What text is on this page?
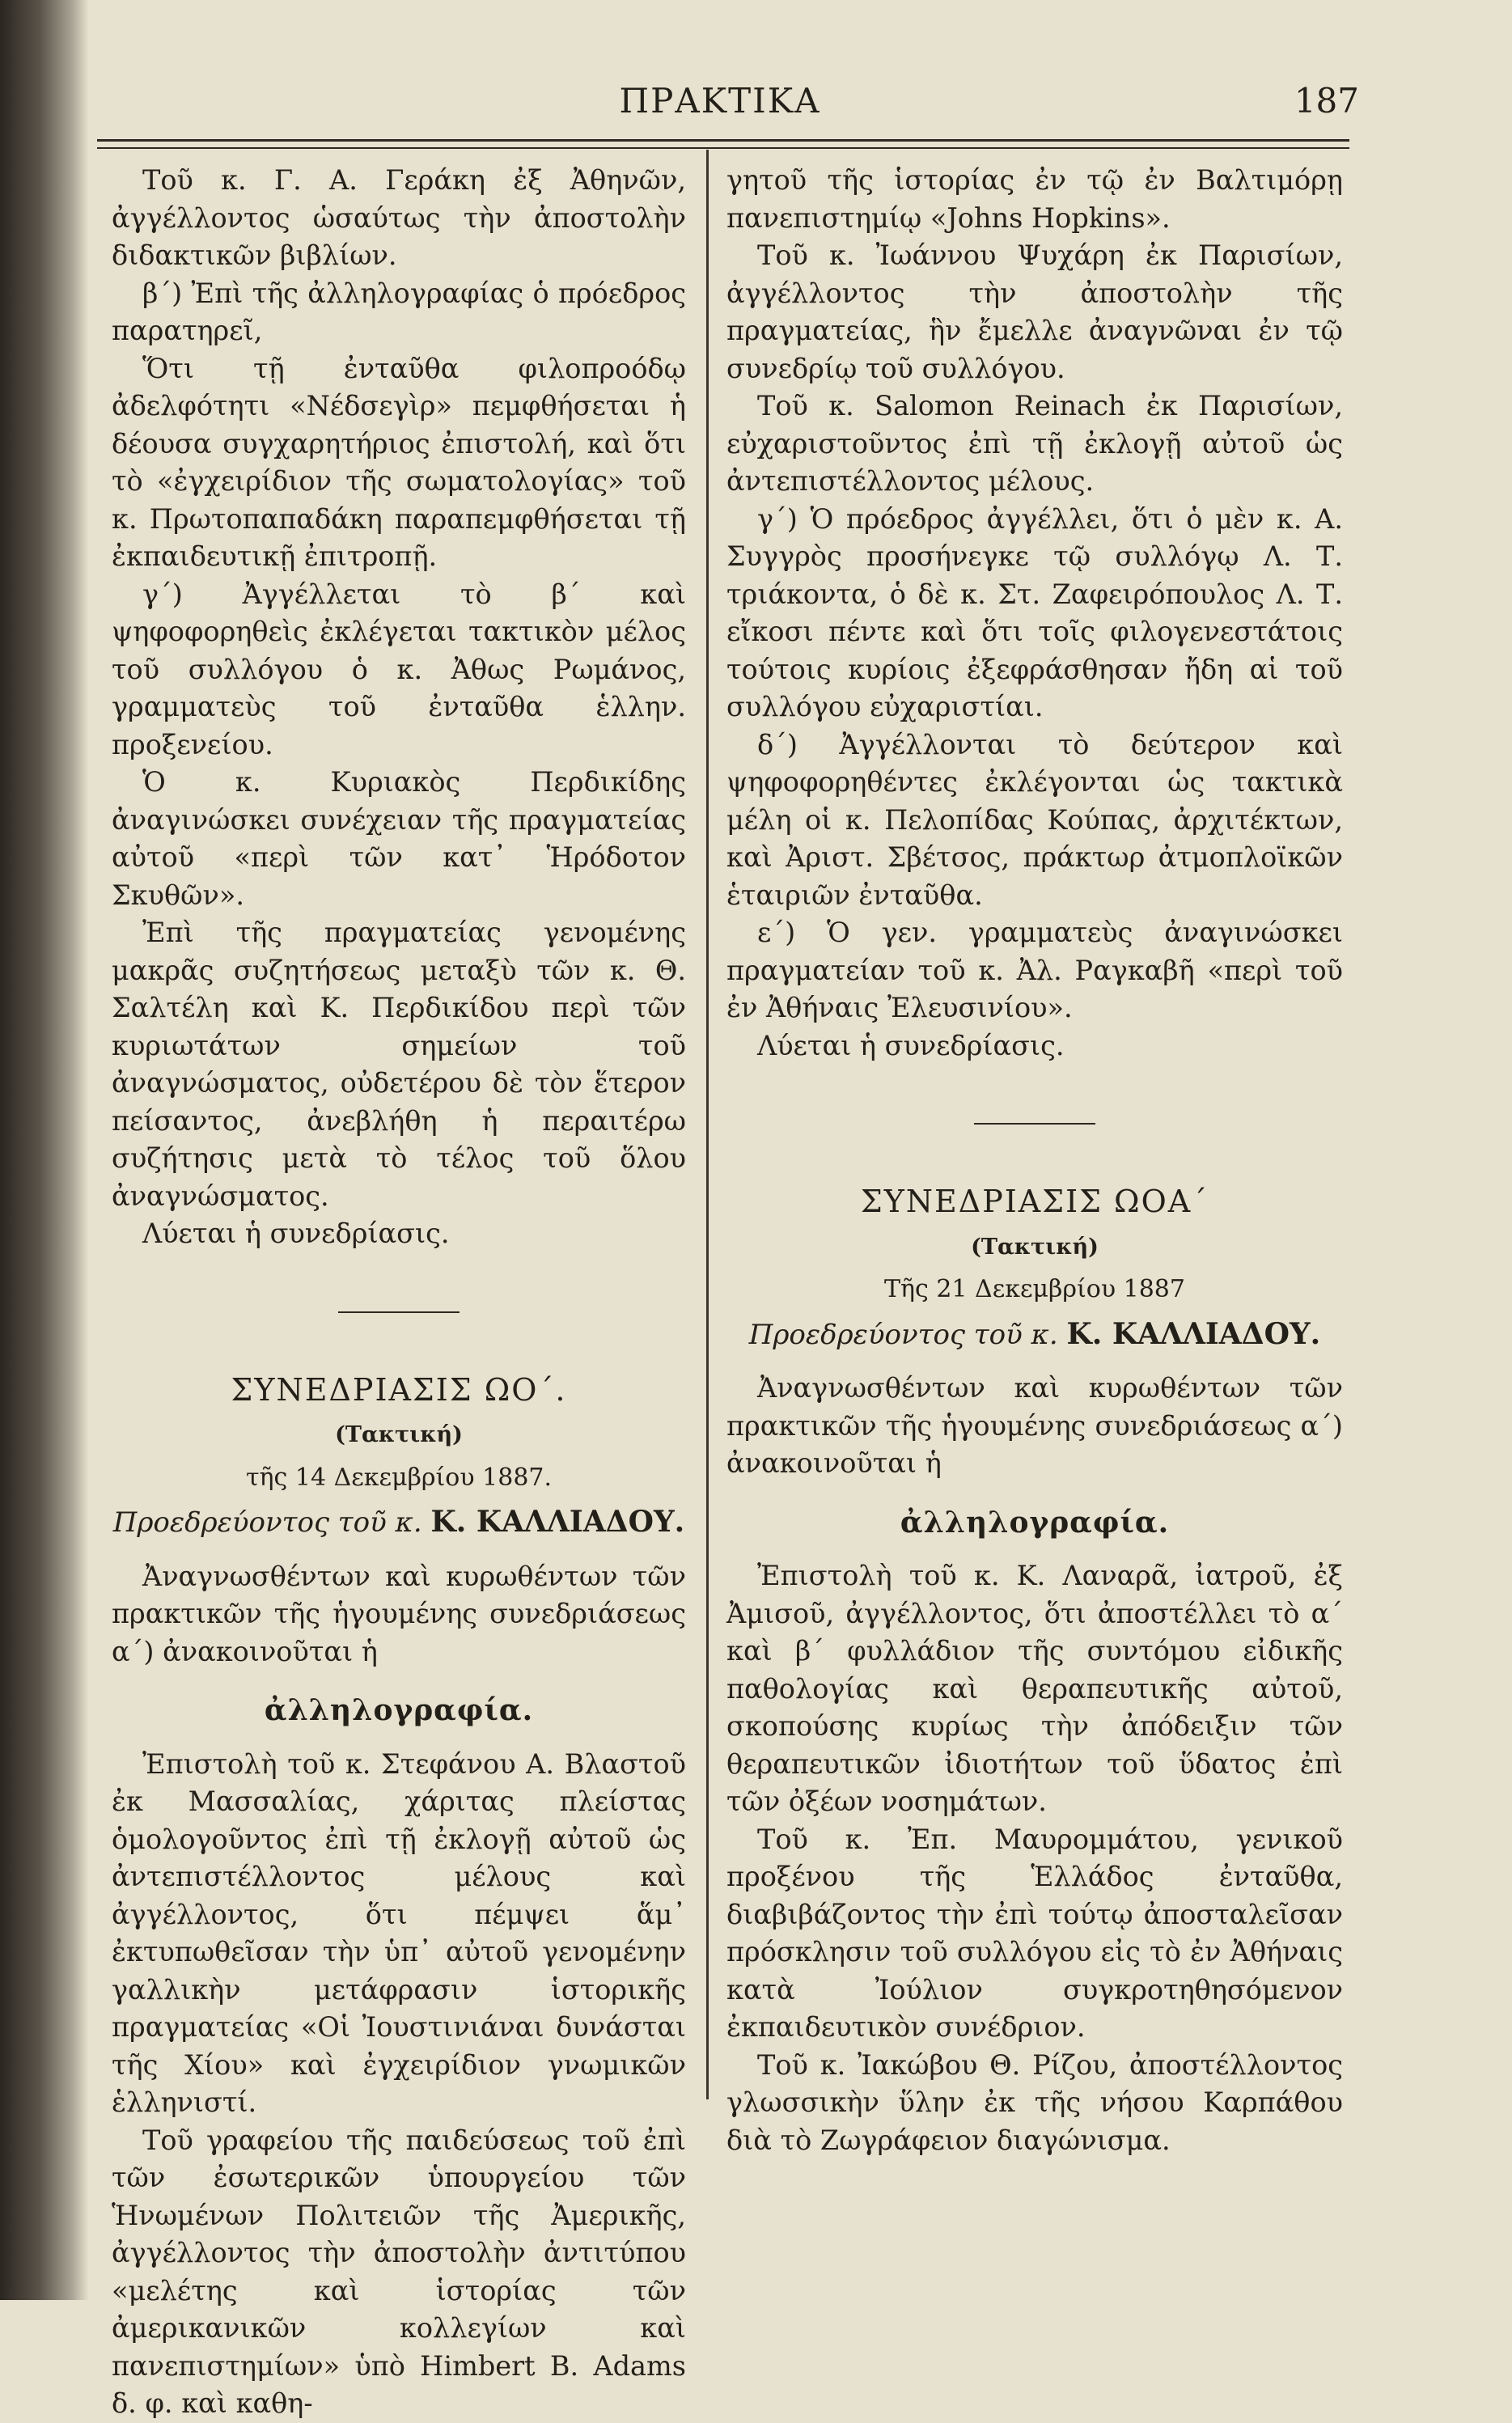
ΠΡΑΚΤΙΚΑ	187

Τοῦ κ. Γ. Α. Γεράκη ἐξ Ἀθηνῶν, ἀγγέλλοντος ὡσαύτως τὴν ἀποστολὴν διδακτικῶν βιβλίων.

β΄) Ἐπὶ τῆς ἀλληλογραφίας ὁ πρόεδρος παρατηρεῖ,

Ὅτι τῇ ἐνταῦθα φιλοπροόδῳ ἀδελφότητι «Νέδσεγὶρ» πεμφθήσεται ἡ δέουσα συγχαρητήριος ἐπιστολή, καὶ ὅτι τὸ «ἐγχειρίδιον τῆς σωματολογίας» τοῦ κ. Πρωτοπαπαδάκη παραπεμφθήσεται τῇ ἐκπαιδευτικῇ ἐπιτροπῇ.

γ΄) Ἀγγέλλεται τὸ β΄ καὶ ψηφοφορηθεὶς ἐκλέγεται τακτικὸν μέλος τοῦ συλλόγου ὁ κ. Ἀθως Ρωμάνος, γραμματεὺς τοῦ ἐνταῦθα ἑλλην. προξενείου.

Ὁ κ. Κυριακὸς Περδικίδης ἀναγινώσκει συνέχειαν τῆς πραγματείας αὐτοῦ «περὶ τῶν κατ᾽ Ἡρόδοτον Σκυθῶν».

Ἐπὶ τῆς πραγματείας γενομένης μακρᾶς συζητήσεως μεταξὺ τῶν κ. Θ. Σαλτέλη καὶ Κ. Περδικίδου περὶ τῶν κυριωτάτων σημείων τοῦ ἀναγνώσματος, οὐδετέρου δὲ τὸν ἕτερον πείσαντος, ἀνεβλήθη ἡ περαιτέρω συζήτησις μετὰ τὸ τέλος τοῦ ὅλου ἀναγνώσματος.

Λύεται ἡ συνεδρίασις.

ΣΥΝΕΔΡΙΑΣΙΣ ΩΟ΄.

(Τακτική)

τῆς 14 Δεκεμβρίου 1887.

Προεδρεύοντος τοῦ κ. Κ. ΚΑΛΛΙΑΔΟΥ.

Ἀναγνωσθέντων καὶ κυρωθέντων τῶν πρακτικῶν τῆς ἡγουμένης συνεδριάσεως α΄) ἀνακοινοῦται ἡ

ἀλληλογραφία.

Ἐπιστολὴ τοῦ κ. Στεφάνου Α. Βλαστοῦ ἐκ Μασσαλίας, χάριτας πλείστας ὁμολογοῦντος ἐπὶ τῇ ἐκλογῇ αὐτοῦ ὡς ἀντεπιστέλλοντος μέλους καὶ ἀγγέλλοντος, ὅτι πέμψει ἅμ᾽ ἐκτυπωθεῖσαν τὴν ὑπ᾽ αὐτοῦ γενομένην γαλλικὴν μετάφρασιν ἱστορικῆς πραγματείας «Οἱ Ἰουστινιάναι δυνάσται τῆς Χίου» καὶ ἐγχειρίδιον γνωμικῶν ἑλληνιστί.

Τοῦ γραφείου τῆς παιδεύσεως τοῦ ἐπὶ τῶν ἐσωτερικῶν ὑπουργείου τῶν Ἡνωμένων Πολιτειῶν τῆς Ἀμερικῆς, ἀγγέλλοντος τὴν ἀποστολὴν ἀντιτύπου «μελέτης καὶ ἱστορίας τῶν ἀμερικανικῶν κολλεγίων καὶ πανεπιστημίων» ὑπὸ Himbert B. Adams δ. φ. καὶ καθη-

γητοῦ τῆς ἱστορίας ἐν τῷ ἐν Βαλτιμόρῃ πανεπιστημίῳ «Johns Hopkins».

Τοῦ κ. Ἰωάννου Ψυχάρη ἐκ Παρισίων, ἀγγέλλοντος τὴν ἀποστολὴν τῆς πραγματείας, ἣν ἔμελλε ἀναγνῶναι ἐν τῷ συνεδρίῳ τοῦ συλλόγου.

Τοῦ κ. Salomon Reinach ἐκ Παρισίων, εὐχαριστοῦντος ἐπὶ τῇ ἐκλογῇ αὐτοῦ ὡς ἀντεπιστέλλοντος μέλους.

γ΄) Ὁ πρόεδρος ἀγγέλλει, ὅτι ὁ μὲν κ. Α. Συγγρὸς προσήνεγκε τῷ συλλόγῳ Λ. Τ. τριάκοντα, ὁ δὲ κ. Στ. Ζαφειρόπουλος Λ. Τ. εἴκοσι πέντε καὶ ὅτι τοῖς φιλογενεστάτοις τούτοις κυρίοις ἐξεφράσθησαν ἤδη αἱ τοῦ συλλόγου εὐχαριστίαι.

δ΄) Ἀγγέλλονται τὸ δεύτερον καὶ ψηφοφορηθέντες ἐκλέγονται ὡς τακτικὰ μέλη οἱ κ. Πελοπίδας Κούπας, ἀρχιτέκτων, καὶ Ἀριστ. Σβέτσος, πράκτωρ ἀτμοπλοϊκῶν ἑταιριῶν ἐνταῦθα.

ε΄) Ὁ γεν. γραμματεὺς ἀναγινώσκει πραγματείαν τοῦ κ. Ἀλ. Ραγκαβῆ «περὶ τοῦ ἐν Ἀθήναις Ἐλευσινίου».

Λύεται ἡ συνεδρίασις.

ΣΥΝΕΔΡΙΑΣΙΣ ΩΟΑ΄

(Τακτική)

Τῆς 21 Δεκεμβρίου 1887

Προεδρεύοντος τοῦ κ. Κ. ΚΑΛΛΙΑΔΟΥ.

Ἀναγνωσθέντων καὶ κυρωθέντων τῶν πρακτικῶν τῆς ἡγουμένης συνεδριάσεως α΄) ἀνακοινοῦται ἡ

ἀλληλογραφία.

Ἐπιστολὴ τοῦ κ. Κ. Λαναρᾶ, ἰατροῦ, ἐξ Ἀμισοῦ, ἀγγέλλοντος, ὅτι ἀποστέλλει τὸ α΄ καὶ β΄ φυλλάδιον τῆς συντόμου εἰδικῆς παθολογίας καὶ θεραπευτικῆς αὐτοῦ, σκοπούσης κυρίως τὴν ἀπόδειξιν τῶν θεραπευτικῶν ἰδιοτήτων τοῦ ὕδατος ἐπὶ τῶν ὀξέων νοσημάτων.

Τοῦ κ. Ἐπ. Μαυρομμάτου, γενικοῦ προξένου τῆς Ἑλλάδος ἐνταῦθα, διαβιβάζοντος τὴν ἐπὶ τούτῳ ἀποσταλεῖσαν πρόσκλησιν τοῦ συλλόγου εἰς τὸ ἐν Ἀθήναις κατὰ Ἰούλιον συγκροτηθησόμενον ἐκπαιδευτικὸν συνέδριον.

Τοῦ κ. Ἰακώβου Θ. Ρίζου, ἀποστέλλοντος γλωσσικὴν ὕλην ἐκ τῆς νήσου Καρπάθου διὰ τὸ Ζωγράφειον διαγώνισμα.
